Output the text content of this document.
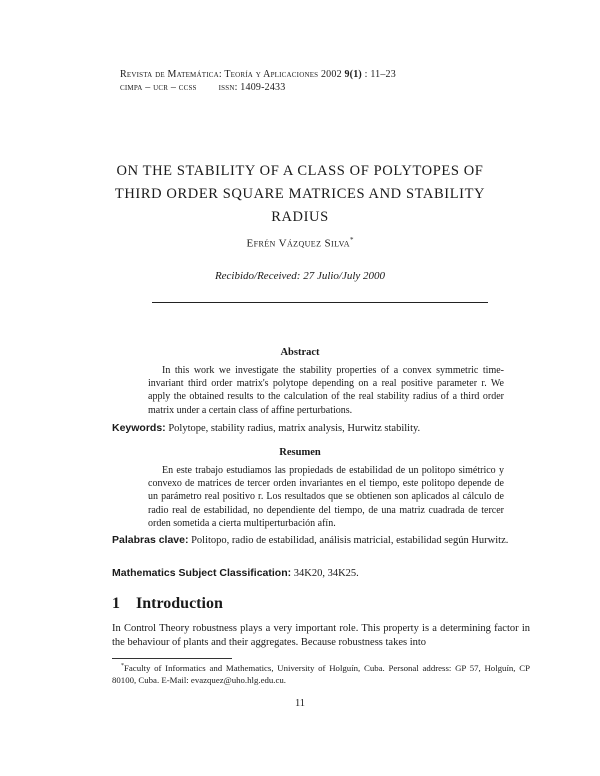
Revista de Matemática: Teoría y Aplicaciones 2002 9(1) : 11–23
cimpa – ucr – ccss issn: 1409-2433
ON THE STABILITY OF A CLASS OF POLYTOPES OF THIRD ORDER SQUARE MATRICES AND STABILITY RADIUS
Efrén Vázquez Silva*
Recibido/Received: 27 Julio/July 2000
Abstract
In this work we investigate the stability properties of a convex symmetric time-invariant third order matrix's polytope depending on a real positive parameter r. We apply the obtained results to the calculation of the real stability radius of a third order matrix under a certain class of affine perturbations.
Keywords: Polytope, stability radius, matrix analysis, Hurwitz stability.
Resumen
En este trabajo estudiamos las propiedads de estabilidad de un politopo simétrico y convexo de matrices de tercer orden invariantes en el tiempo, este politopo depende de un parámetro real positivo r. Los resultados que se obtienen son aplicados al cálculo de radio real de estabilidad, no dependiente del tiempo, de una matriz cuadrada de tercer orden sometida a cierta multiperturbación afín.
Palabras clave: Politopo, radio de estabilidad, análisis matricial, estabilidad según Hurwitz.
Mathematics Subject Classification: 34K20, 34K25.
1 Introduction
In Control Theory robustness plays a very important role. This property is a determining factor in the behaviour of plants and their aggregates. Because robustness takes into
*Faculty of Informatics and Mathematics, University of Holguín, Cuba. Personal address: GP 57, Holguín, CP 80100, Cuba. E-Mail: evazquez@uho.hlg.edu.cu.
11
